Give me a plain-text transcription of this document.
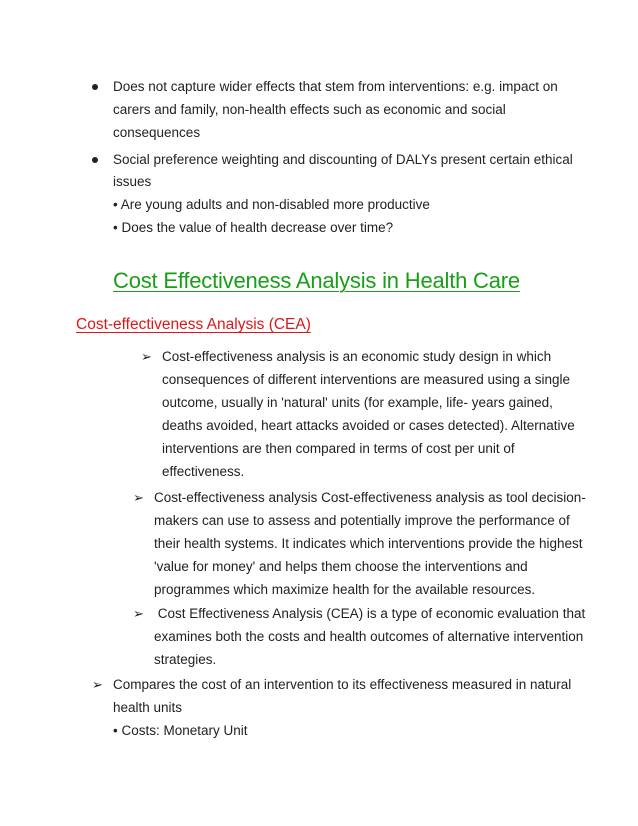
Does not capture wider effects that stem from interventions: e.g. impact on
carers and family, non-health effects such as economic and social
consequences
Social preference weighting and discounting of DALYs present certain ethical
issues
• Are young adults and non-disabled more productive
• Does the value of health decrease over time?
Cost Effectiveness Analysis in Health Care
Cost-effectiveness Analysis (CEA)
➢ Cost-effectiveness analysis is an economic study design in which
consequences of different interventions are measured using a single
outcome, usually in 'natural' units (for example, life- years gained,
deaths avoided, heart attacks avoided or cases detected). Alternative
interventions are then compared in terms of cost per unit of
effectiveness.
➢ Cost-effectiveness analysis Cost-effectiveness analysis as tool decision-
makers can use to assess and potentially improve the performance of
their health systems. It indicates which interventions provide the highest
'value for money' and helps them choose the interventions and
programmes which maximize health for the available resources.
➢ Cost Effectiveness Analysis (CEA) is a type of economic evaluation that
examines both the costs and health outcomes of alternative intervention
strategies.
➢ Compares the cost of an intervention to its effectiveness measured in natural
health units
• Costs: Monetary Unit
